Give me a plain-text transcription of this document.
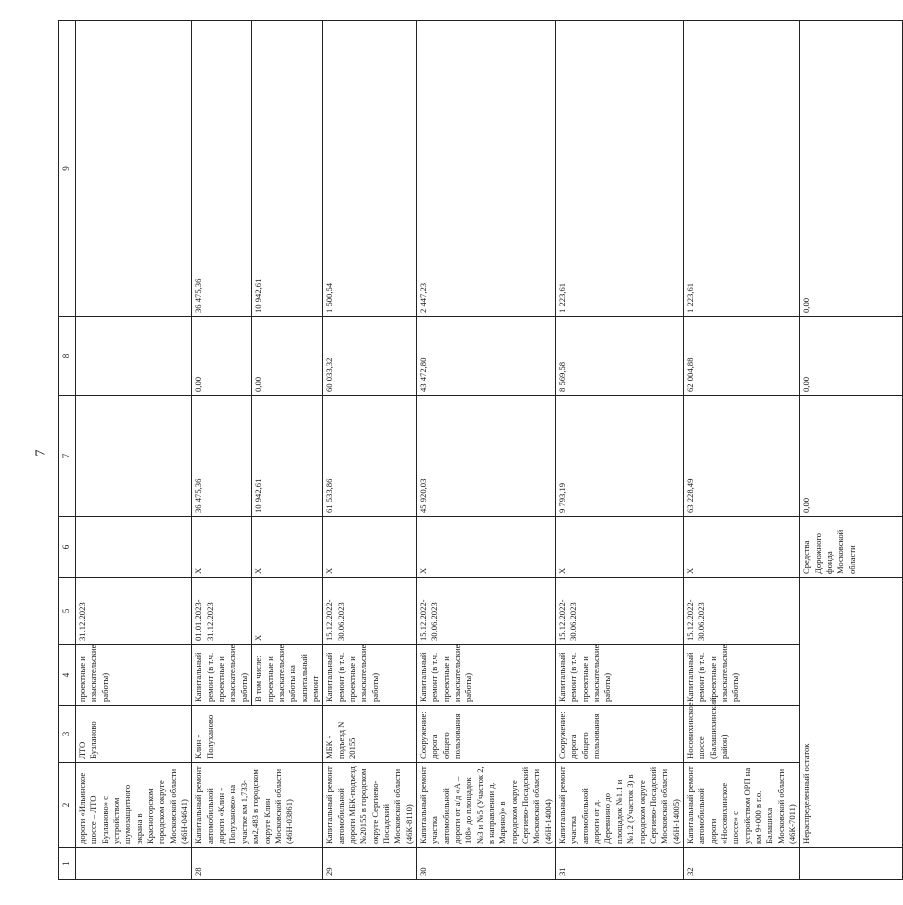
7
1	2	3	4	5	6	7	8	9
	дороги «Ильинское шоссе – ЛТО Бузланово» с устройством шумозащитного экрана в Красногорском городском округе Московской области (46Н-04641)	ЛТО Бузланово	проектные и изыскательские работы)	31.12.2023				
28	Капитальный ремонт автомобильной дороги «Клин - Полуханово» на участке км 1,733-км2,483 в городском округе Клин Московской области (46Н-03861)	Клин - Полуханово	Капитальный ремонт (в т.ч. проектные и изыскательские работы)	01.01.2023-31.12.2023	Х	36 475,36	0,00	36 475,36
			В том числе: проектные и изыскательские работы на капитальный ремонт	Х	Х	10 942,61	0,00	10 942,61
29	Капитальный ремонт автомобильной дороги МБК-подъезд №20155 в городском округе Сергиево-Посадский Московской области (46К-8110)	МБК - подъезд N 20155	Капитальный ремонт (в т.ч. проектные и изыскательские работы)	15.12.2022-30.06.2023	Х	61 533,86	60 033,32	1 500,54
30	Капитальный ремонт участка автомобильной дороги от а/д «А – 108» до площадок №3 и №5 (Участок 2, в направлении д. Марино)» в городском округе Сергиево-Посадский Московской области (46Н-14004)	Сооружение: дорога общего пользования	Капитальный ремонт (в т.ч. проектные и изыскательские работы)	15.12.2022-30.06.2023	Х	45 920,03	43 472,80	2 447,23
31	Капитальный ремонт участка автомобильной дороги от д. Деревнино до площадок №1.1 и №1.2 (Участок 3) в городском округе Сергиево-Посадский Московской области (46Н-14005)	Сооружение: дорога общего пользования	Капитальный ремонт (в т.ч. проектные и изыскательские работы)	15.12.2022-30.06.2023	Х	9 793,19	8 569,58	1 223,61
32	Капитальный ремонт автомобильной дороги «Носовихинское шоссе» с устройством ОРП на км 9+000 в г.о. Балашиха Московской области (46К-7011)	Носовихинское шоссе (Балашихинский район)	Капитальный ремонт (в т.ч. проектные и изыскательские работы)	15.12.2022-30.06.2023	Х	63 228,49	62 004,88	1 223,61
	Нераспределенный остаток				Средства Дорожного фонда Московской области	0,00	0,00	0,00
